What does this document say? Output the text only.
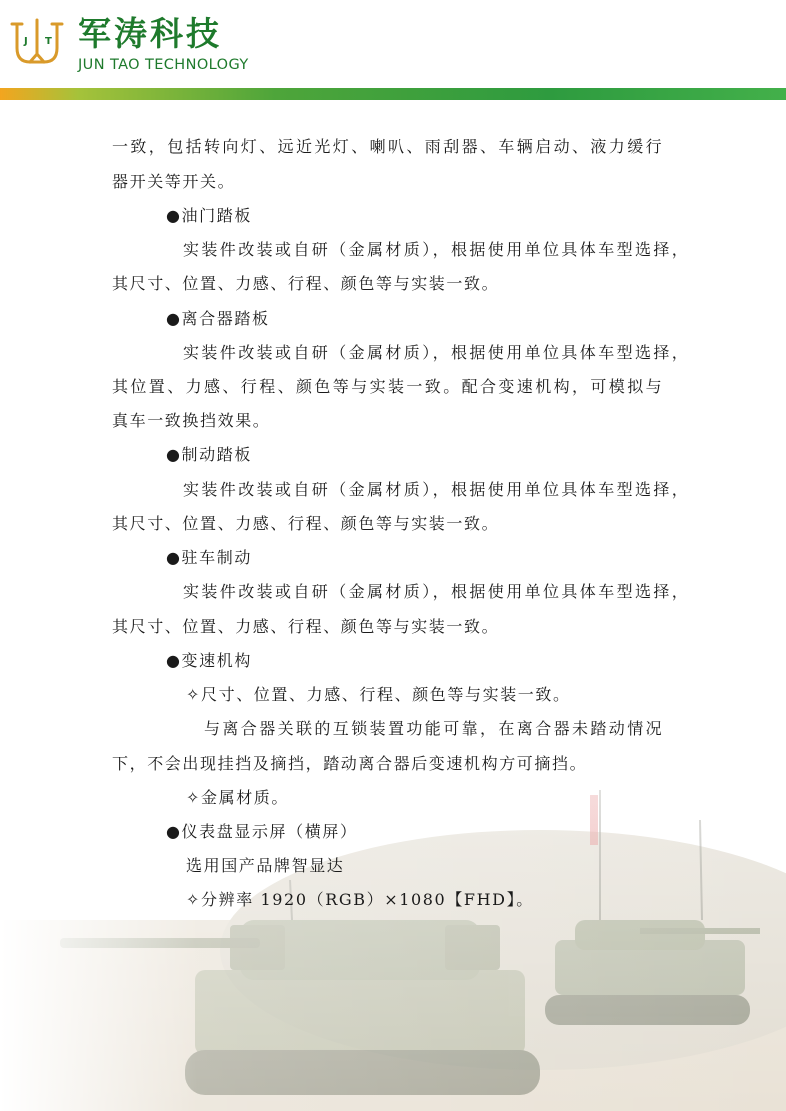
J T 军涛科技
JUN TAO TECHNOLOGY
一致，包括转向灯、远近光灯、喇叭、雨刮器、车辆启动、液力缓行
器开关等开关。
●油门踏板
实装件改装或自研（金属材质），根据使用单位具体车型选择，
其尺寸、位置、力感、行程、颜色等与实装一致。
●离合器踏板
实装件改装或自研（金属材质），根据使用单位具体车型选择，
其位置、力感、行程、颜色等与实装一致。配合变速机构，可模拟与
真车一致换挡效果。
●制动踏板
实装件改装或自研（金属材质），根据使用单位具体车型选择，
其尺寸、位置、力感、行程、颜色等与实装一致。
●驻车制动
实装件改装或自研（金属材质），根据使用单位具体车型选择，
其尺寸、位置、力感、行程、颜色等与实装一致。
●变速机构
✧尺寸、位置、力感、行程、颜色等与实装一致。
与离合器关联的互锁装置功能可靠，在离合器未踏动情况
下，不会出现挂挡及摘挡，踏动离合器后变速机构方可摘挡。
✧金属材质。
●仪表盘显示屏（横屏）
选用国产品牌智显达
✧分辨率 1920（RGB）×1080【FHD】。
